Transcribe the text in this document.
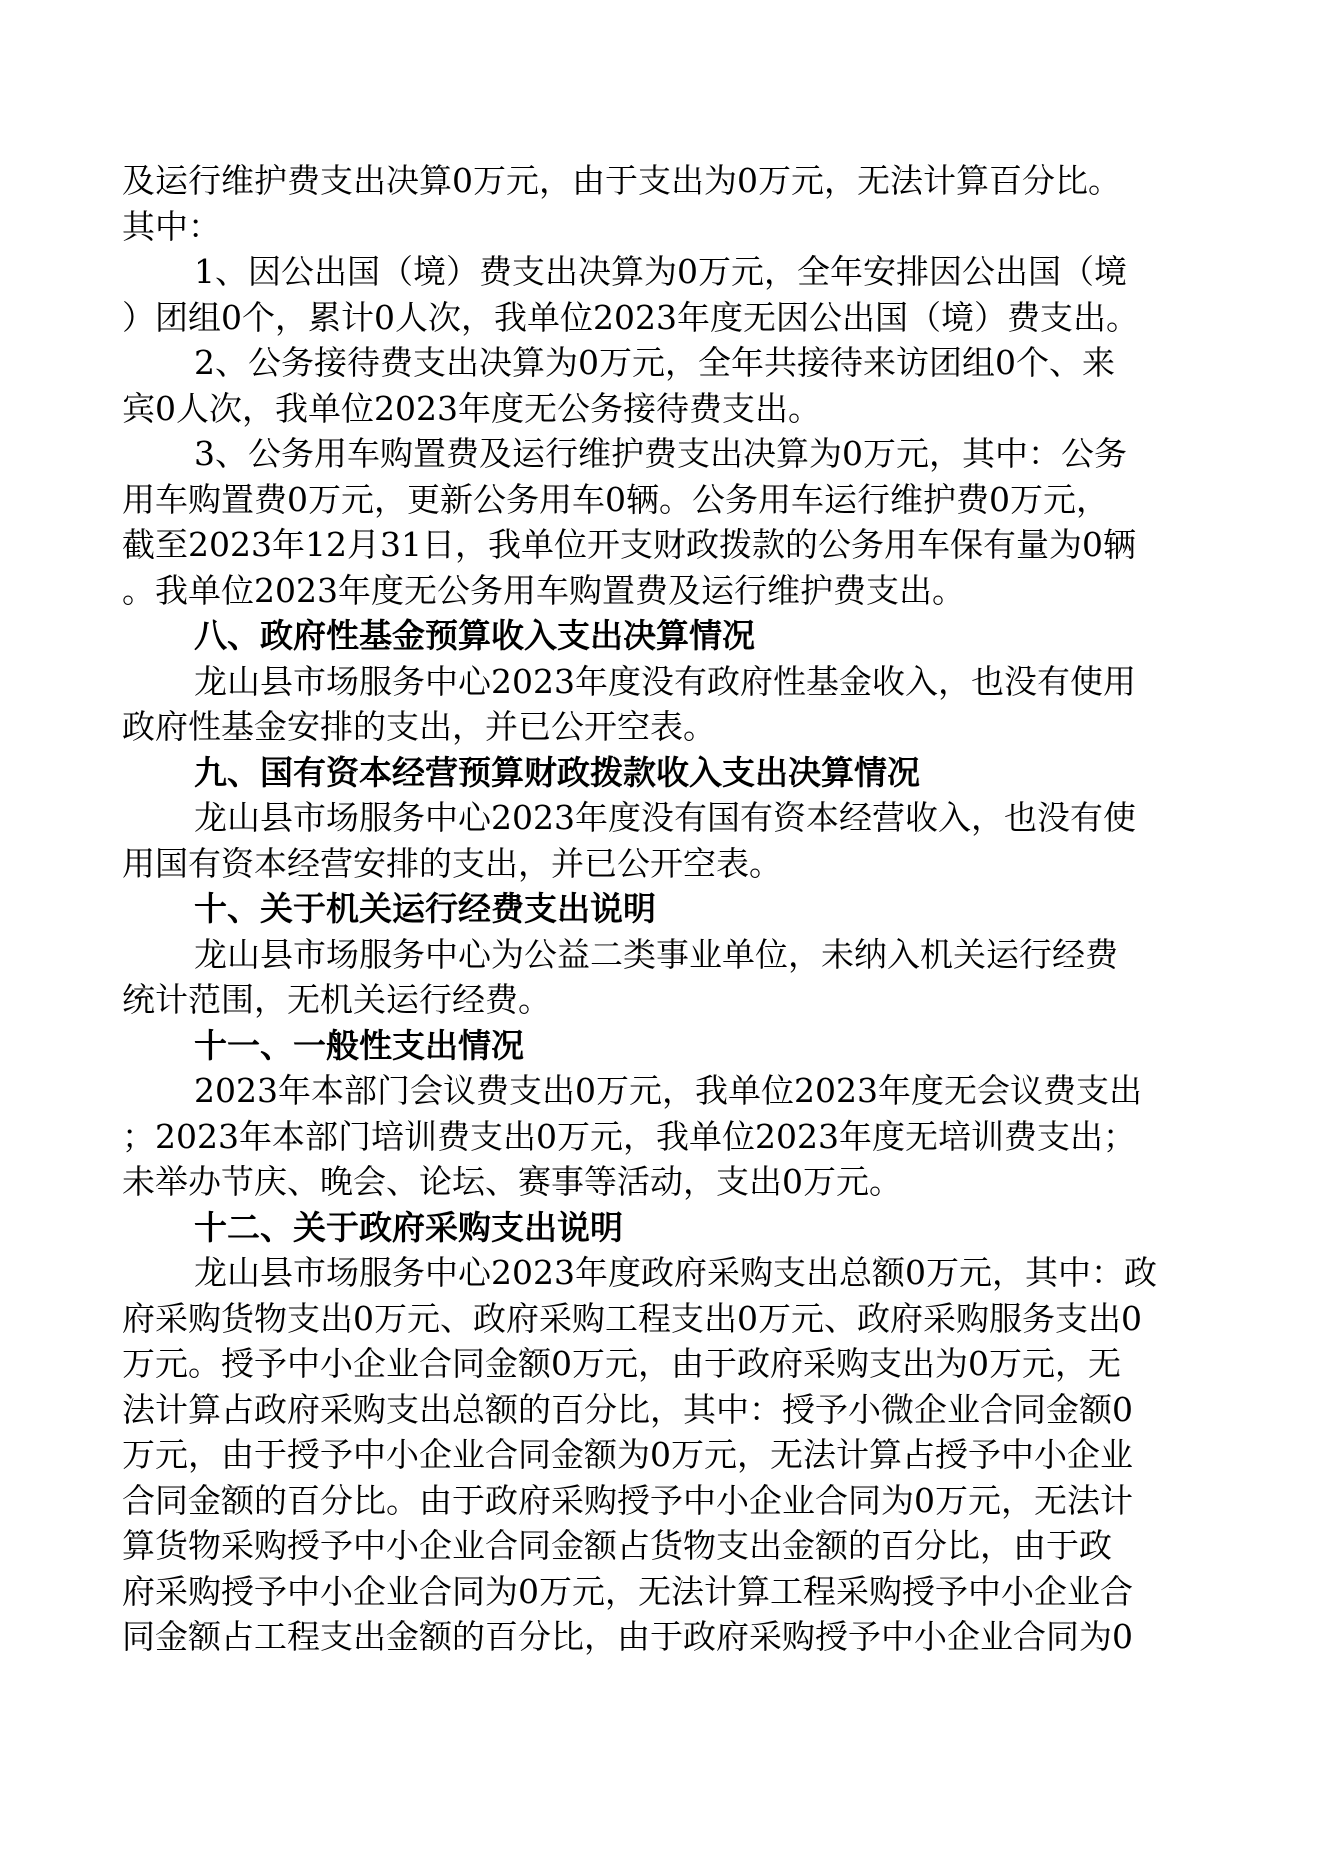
及运行维护费支出决算0万元，由于支出为0万元，无法计算百分比。
其中：
1、因公出国（境）费支出决算为0万元，全年安排因公出国（境
）团组0个，累计0人次，我单位2023年度无因公出国（境）费支出。
2、公务接待费支出决算为0万元，全年共接待来访团组0个、来
宾0人次，我单位2023年度无公务接待费支出。
3、公务用车购置费及运行维护费支出决算为0万元，其中：公务
用车购置费0万元，更新公务用车0辆。公务用车运行维护费0万元，
截至2023年12月31日，我单位开支财政拨款的公务用车保有量为0辆
。我单位2023年度无公务用车购置费及运行维护费支出。
八、政府性基金预算收入支出决算情况
龙山县市场服务中心2023年度没有政府性基金收入，也没有使用
政府性基金安排的支出，并已公开空表。
九、国有资本经营预算财政拨款收入支出决算情况
龙山县市场服务中心2023年度没有国有资本经营收入，也没有使
用国有资本经营安排的支出，并已公开空表。
十、关于机关运行经费支出说明
龙山县市场服务中心为公益二类事业单位，未纳入机关运行经费
统计范围，无机关运行经费。
十一、一般性支出情况
2023年本部门会议费支出0万元，我单位2023年度无会议费支出
；2023年本部门培训费支出0万元，我单位2023年度无培训费支出；
未举办节庆、晚会、论坛、赛事等活动，支出0万元。
十二、关于政府采购支出说明
龙山县市场服务中心2023年度政府采购支出总额0万元，其中：政
府采购货物支出0万元、政府采购工程支出0万元、政府采购服务支出0
万元。授予中小企业合同金额0万元，由于政府采购支出为0万元，无
法计算占政府采购支出总额的百分比，其中：授予小微企业合同金额0
万元，由于授予中小企业合同金额为0万元，无法计算占授予中小企业
合同金额的百分比。由于政府采购授予中小企业合同为0万元，无法计
算货物采购授予中小企业合同金额占货物支出金额的百分比，由于政
府采购授予中小企业合同为0万元，无法计算工程采购授予中小企业合
同金额占工程支出金额的百分比，由于政府采购授予中小企业合同为0
